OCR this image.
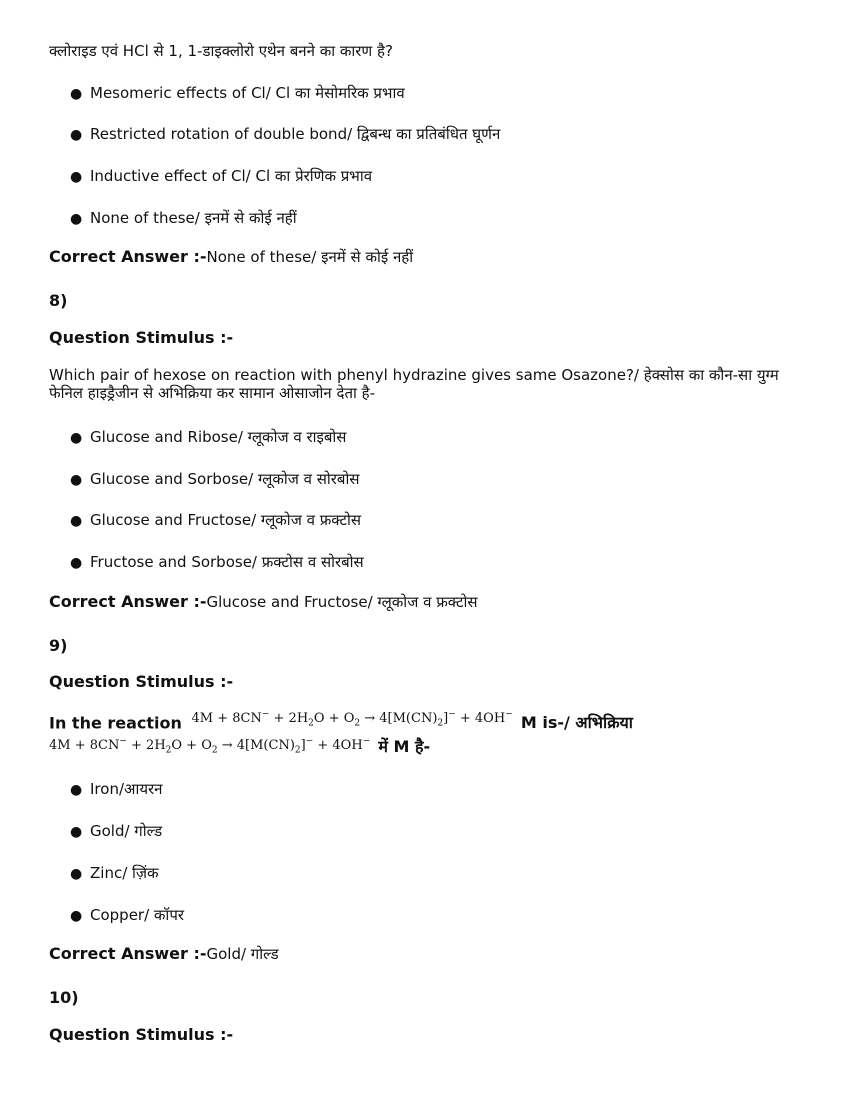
क्लोराइड एवं HCl से 1, 1-डाइक्लोरो एथेन बनने का कारण है?
● Mesomeric effects of Cl/ Cl का मेसोमरिक प्रभाव
● Restricted rotation of double bond/ द्विबन्ध का प्रतिबंधित घूर्णन
● Inductive effect of Cl/ Cl का प्रेरणिक प्रभाव
● None of these/ इनमें से कोई नहीं
Correct Answer :-None of these/ इनमें से कोई नहीं
8)
Question Stimulus :-
Which pair of hexose on reaction with phenyl hydrazine gives same Osazone?/ हेक्सोस का कौन-सा युग्म फेनिल हाइड्रैजीन से अभिक्रिया कर सामान ओसाजोन देता है-
● Glucose and Ribose/ ग्लूकोज व राइबोस
● Glucose and Sorbose/ ग्लूकोज व सोरबोस
● Glucose and Fructose/ ग्लूकोज व फ्रक्टोस
● Fructose and Sorbose/ फ्रक्टोस व सोरबोस
Correct Answer :-Glucose and Fructose/ ग्लूकोज व फ्रक्टोस
9)
Question Stimulus :-
In the reaction $^{4M + 8CN^- + 2H_2O + O_2 \to 4[M(CN)_2]^- + 4OH^-}$ M is-/ अभिक्रिया
$4M + 8CN^- + 2H_2O + O_2 \to 4[M(CN)_2]^- + 4OH^-$ में M है-
● Iron/आयरन
● Gold/ गोल्ड
● Zinc/ ज़िंक
● Copper/ कॉपर
Correct Answer :-Gold/ गोल्ड
10)
Question Stimulus :-
